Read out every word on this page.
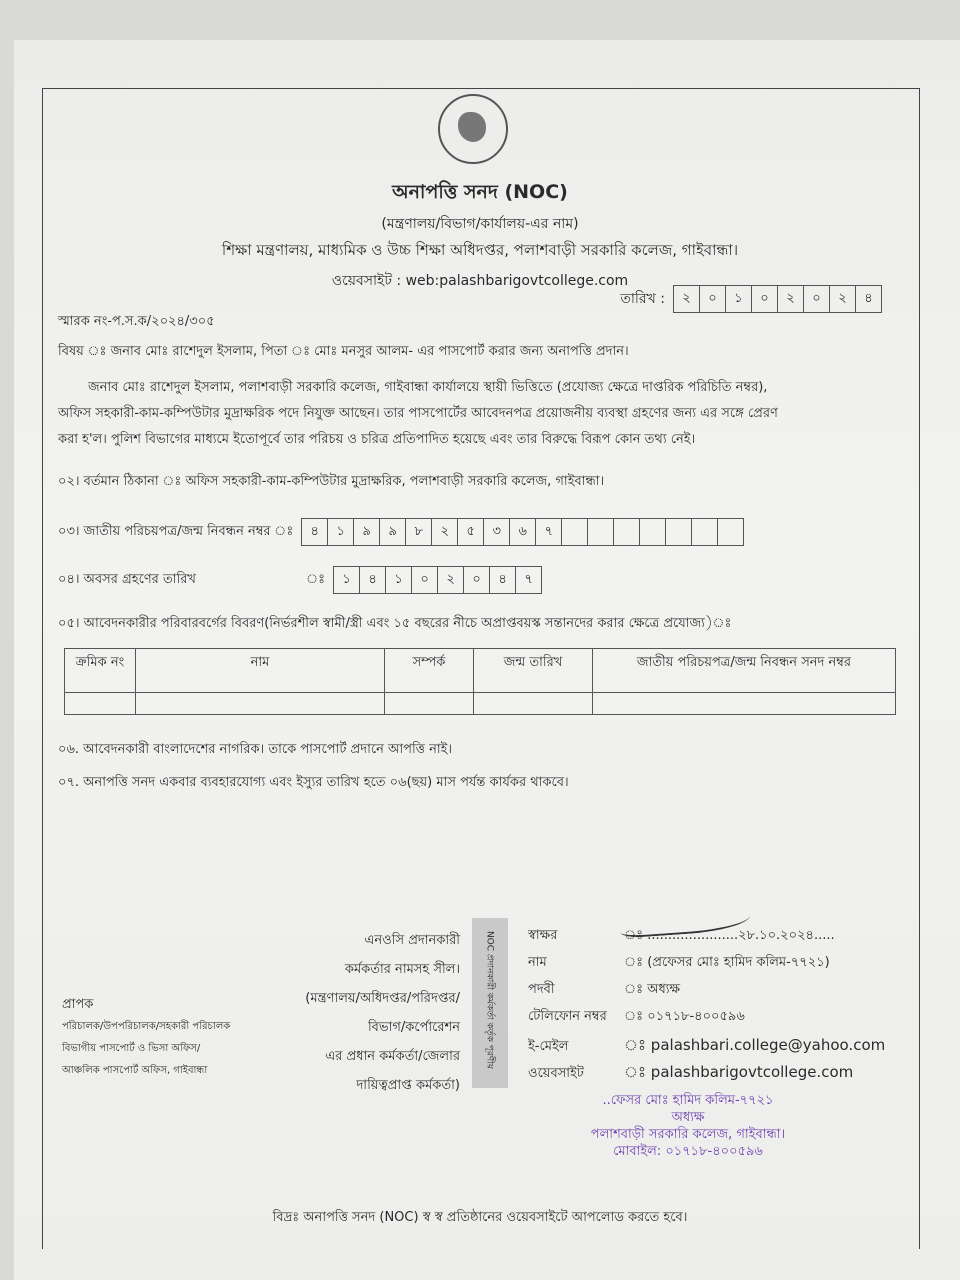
অনাপত্তি সনদ (NOC)
(মন্ত্রণালয়/বিভাগ/কার্যালয়-এর নাম)
শিক্ষা মন্ত্রণালয়, মাধ্যমিক ও উচ্চ শিক্ষা অধিদপ্তর, পলাশবাড়ী সরকারি কলেজ, গাইবান্ধা।
ওয়েবসাইট : web:palashbarigovtcollege.com
স্মারক নং-প.স.ক/২০২৪/৩০৫
তারিখ :	২	০	১	০	২	০	২	৪
বিষয় ঃ জনাব মোঃ রাশেদুল ইসলাম, পিতা ঃ মোঃ মনসুর আলম- এর পাসপোর্ট করার জন্য অনাপত্তি প্রদান।
জনাব মোঃ রাশেদুল ইসলাম, পলাশবাড়ী সরকারি কলেজ, গাইবান্ধা কার্যালয়ে স্থায়ী ভিত্তিতে (প্রযোজ্য ক্ষেত্রে দাপ্তরিক পরিচিতি নম্বর),
অফিস সহকারী-কাম-কম্পিউটার মুদ্রাক্ষরিক পদে নিযুক্ত আছেন। তার পাসপোর্টের আবেদনপত্র প্রয়োজনীয় ব্যবস্থা গ্রহণের জন্য এর সঙ্গে প্রেরণ
করা হ'ল। পুলিশ বিভাগের মাধ্যমে ইতোপূর্বে তার পরিচয় ও চরিত্র প্রতিপাদিত হয়েছে এবং তার বিরুদ্ধে বিরূপ কোন তথ্য নেই।
০২। বর্তমান ঠিকানা ঃ অফিস সহকারী-কাম-কম্পিউটার মুদ্রাক্ষরিক, পলাশবাড়ী সরকারি কলেজ, গাইবান্ধা।
০৩। জাতীয় পরিচয়পত্র/জন্ম নিবন্ধন নম্বর ঃ	৪	১	৯	৯	৮	২	৫	৩	৬	৭
০৪। অবসর গ্রহণের তারিখ	ঃ	১	৪	১	০	২	০	৪	৭
০৫। আবেদনকারীর পরিবারবর্গের বিবরণ(নির্ভরশীল স্বামী/স্ত্রী এবং ১৫ বছরের নীচে অপ্রাপ্তবয়স্ক সন্তানদের করার ক্ষেত্রে প্রযোজ্য)ঃ
ক্রমিক নং	নাম	সম্পর্ক	জন্ম তারিখ	জাতীয় পরিচয়পত্র/জন্ম নিবন্ধন সনদ নম্বর

০৬. আবেদনকারী বাংলাদেশের নাগরিক। তাকে পাসপোর্ট প্রদানে আপত্তি নাই।
০৭. অনাপত্তি সনদ একবার ব্যবহারযোগ্য এবং ইস্যুর তারিখ হতে ০৬(ছয়) মাস পর্যন্ত কার্যকর থাকবে।
এনওসি প্রদানকারী
কর্মকর্তার নামসহ সীল।
(মন্ত্রণালয়/অধিদপ্তর/পরিদপ্তর/
বিভাগ/কর্পোরেশন
এর প্রধান কর্মকর্তা/জেলার
দায়িত্বপ্রাপ্ত কর্মকর্তা)
NOC প্রদানকারী কর্মকর্তা কর্তৃক পূরণীয়	স্বাক্ষর	ঃ ......................২৮.১০.২০২৪.....
নাম	ঃ (প্রফেসর মোঃ হামিদ কলিম-৭৭২১)
পদবী	ঃ অধ্যক্ষ
টেলিফোন নম্বর	ঃ ০১৭১৮-৪০০৫৯৬
ই-মেইল	ঃ palashbari.college@yahoo.com
ওয়েবসাইট	ঃ palashbarigovtcollege.com
..ফেসর মোঃ হামিদ কলিম-৭৭২১
অধ্যক্ষ
পলাশবাড়ী সরকারি কলেজ, গাইবান্ধা।
মোবাইল: ০১৭১৮-৪০০৫৯৬
প্রাপক
পরিচালক/উপপরিচালক/সহকারী পরিচালক
বিভাগীয় পাসপোর্ট ও ভিসা অফিস/
আঞ্চলিক পাসপোর্ট অফিস, গাইবান্ধা
বিদ্রঃ অনাপত্তি সনদ (NOC) স্ব স্ব প্রতিষ্ঠানের ওয়েবসাইটে আপলোড করতে হবে।
